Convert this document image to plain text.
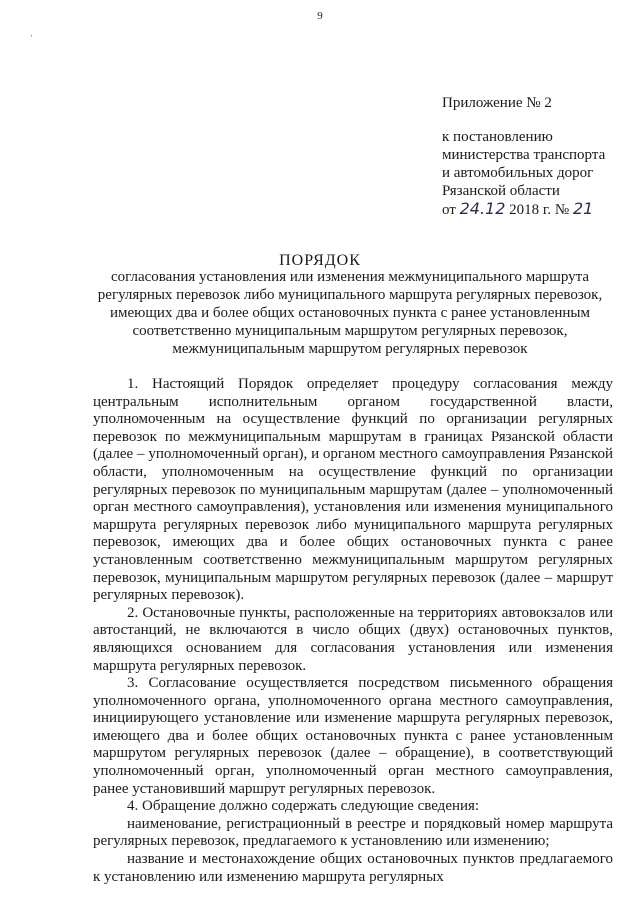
9
ˌ
Приложение № 2
к постановлению
министерства транспорта
и автомобильных дорог
Рязанской области
от 24.12 2018 г. № 21
ПОРЯДОК
согласования установления или изменения межмуниципального маршрута
регулярных перевозок либо муниципального маршрута регулярных перевозок,
имеющих два и более общих остановочных пункта с ранее установленным
соответственно муниципальным маршрутом регулярных перевозок,
межмуниципальным маршрутом регулярных перевозок

1. Настоящий Порядок определяет процедуру согласования между центральным исполнительным органом государственной власти, уполномоченным на осуществление функций по организации регулярных перевозок по межмуниципальным маршрутам в границах Рязанской области (далее – уполномоченный орган), и органом местного самоуправления Рязанской области, уполномоченным на осуществление функций по организации регулярных перевозок по муниципальным маршрутам (далее – уполномоченный орган местного самоуправления), установления или изменения муниципального маршрута регулярных перевозок либо муниципального маршрута регулярных перевозок, имеющих два и более общих остановочных пункта с ранее установленным соответственно межмуниципальным маршрутом регулярных перевозок, муниципальным маршрутом регулярных перевозок (далее – маршрут регулярных перевозок).

2. Остановочные пункты, расположенные на территориях автовокзалов или автостанций, не включаются в число общих (двух) остановочных пунктов, являющихся основанием для согласования установления или изменения маршрута регулярных перевозок.

3. Согласование осуществляется посредством письменного обращения уполномоченного органа, уполномоченного органа местного самоуправления, инициирующего установление или изменение маршрута регулярных перевозок, имеющего два и более общих остановочных пункта с ранее установленным маршрутом регулярных перевозок (далее – обращение), в соответствующий уполномоченный орган, уполномоченный орган местного самоуправления, ранее установивший маршрут регулярных перевозок.

4. Обращение должно содержать следующие сведения:

наименование, регистрационный в реестре и порядковый номер маршрута регулярных перевозок, предлагаемого к установлению или изменению;

название и местонахождение общих остановочных пунктов предлагаемого к установлению или изменению маршрута регулярных
